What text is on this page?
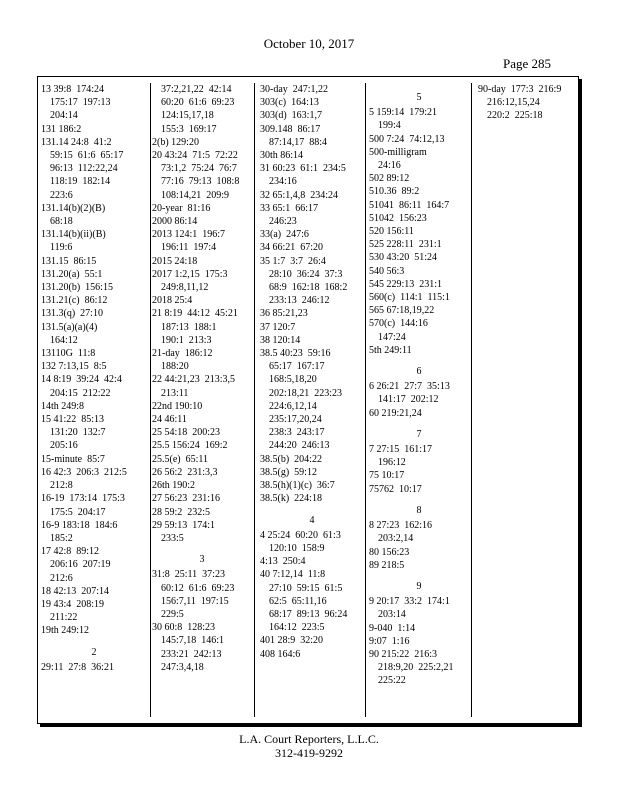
October 10, 2017
Page 285
13 39:8  174:24
175:17  197:13
204:14
131 186:2
131.14 24:8  41:2
59:15  61:6  65:17
96:13  112:22,24
118:19  182:14
223:6
131.14(b)(2)(B)
68:18
131.14(b)(ii)(B)
119:6
131.15  86:15
131.20(a)  55:1
131.20(b)  156:15
131.21(c)  86:12
131.3(q)  27:10
131.5(a)(a)(4)
164:12
13110G  11:8
132 7:13,15  8:5
14 8:19  39:24  42:4
204:15  212:22
14th 249:8
15 41:22  85:13
131:20  132:7
205:16
15-minute  85:7
16 42:3  206:3  212:5
212:8
16-19  173:14  175:3
175:5  204:17
16-9 183:18  184:6
185:2
17 42:8  89:12
206:16  207:19
212:6
18 42:13  207:14
19 43:4  208:19
211:22
19th 249:12
2
29:11  27:8  36:21
37:2,21,22  42:14
60:20  61:6  69:23
124:15,17,18
155:3  169:17
2(b) 129:20
20 43:24  71:5  72:22
73:1,2  75:24  76:7
77:16  79:13  108:8
108:14,21  209:9
20-year  81:16
2000 86:14
2013 124:1  196:7
196:11  197:4
2015 24:18
2017 1:2,15  175:3
249:8,11,12
2018 25:4
21 8:19  44:12  45:21
187:13  188:1
190:1  213:3
21-day  186:12
188:20
22 44:21,23  213:3,5
213:11
22nd 190:10
24 46:11
25 54:18  200:23
25.5 156:24  169:2
25.5(e)  65:11
26 56:2  231:3,3
26th 190:2
27 56:23  231:16
28 59:2  232:5
29 59:13  174:1
233:5
3
31:8  25:11  37:23
60:12  61:6  69:23
156:7,11  197:15
229:5
30 60:8  128:23
145:7,18  146:1
233:21  242:13
247:3,4,18
30-day  247:1,22
303(c)  164:13
303(d)  163:1,7
309.148  86:17
87:14,17  88:4
30th 86:14
31 60:23  61:1  234:5
234:16
32 65:1,4,8  234:24
33 65:1  66:17
246:23
33(a)  247:6
34 66:21  67:20
35 1:7  3:7  26:4
28:10  36:24  37:3
68:9  162:18  168:2
233:13  246:12
36 85:21,23
37 120:7
38 120:14
38.5 40:23  59:16
65:17  167:17
168:5,18,20
202:18,21  223:23
224:6,12,14
235:17,20,24
238:3  243:17
244:20  246:13
38.5(b)  204:22
38.5(g)  59:12
38.5(h)(1)(c)  36:7
38.5(k)  224:18
4
4 25:24  60:20  61:3
120:10  158:9
4:13  250:4
40 7:12,14  11:8
27:10  59:15  61:5
62:5  65:11,16
68:17  89:13  96:24
164:12  223:5
401 28:9  32:20
408 164:6
5
5 159:14  179:21
199:4
500 7:24  74:12,13
500-milligram
24:16
502 89:12
510.36  89:2
51041  86:11  164:7
51042  156:23
520 156:11
525 228:11  231:1
530 43:20  51:24
540 56:3
545 229:13  231:1
560(c)  114:1  115:1
565 67:18,19,22
570(c)  144:16
147:24
5th 249:11
6
6 26:21  27:7  35:13
141:17  202:12
60 219:21,24
7
7 27:15  161:17
196:12
75 10:17
75762  10:17
8
8 27:23  162:16
203:2,14
80 156:23
89 218:5
9
9 20:17  33:2  174:1
203:14
9-040  1:14
9:07  1:16
90 215:22  216:3
218:9,20  225:2,21
225:22
90-day  177:3  216:9
216:12,15,24
220:2  225:18
L.A. Court Reporters, L.L.C.
312-419-9292
